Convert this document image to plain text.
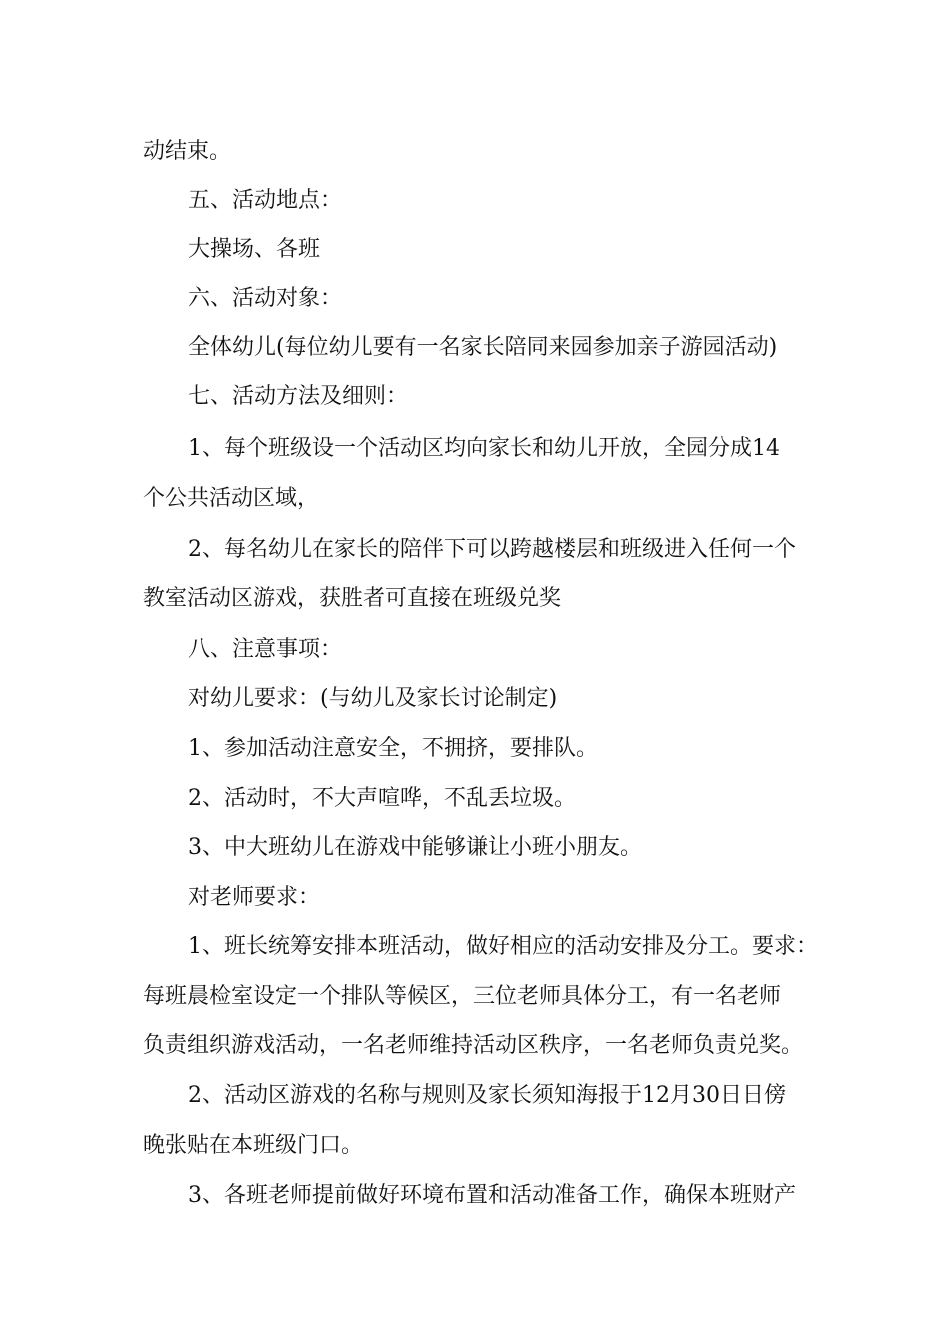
动结束。
五、活动地点：
大操场、各班
六、活动对象：
全体幼儿(每位幼儿要有一名家长陪同来园参加亲子游园活动)
七、活动方法及细则：
1、每个班级设一个活动区均向家长和幼儿开放，全园分成14
个公共活动区域，
2、每名幼儿在家长的陪伴下可以跨越楼层和班级进入任何一个
教室活动区游戏，获胜者可直接在班级兑奖
八、注意事项：
对幼儿要求：(与幼儿及家长讨论制定)
1、参加活动注意安全，不拥挤，要排队。
2、活动时，不大声喧哗，不乱丢垃圾。
3、中大班幼儿在游戏中能够谦让小班小朋友。
对老师要求：
1、班长统筹安排本班活动，做好相应的活动安排及分工。要求：
每班晨检室设定一个排队等候区，三位老师具体分工，有一名老师
负责组织游戏活动，一名老师维持活动区秩序，一名老师负责兑奖。
2、活动区游戏的名称与规则及家长须知海报于12月30日日傍
晚张贴在本班级门口。
3、各班老师提前做好环境布置和活动准备工作，确保本班财产
